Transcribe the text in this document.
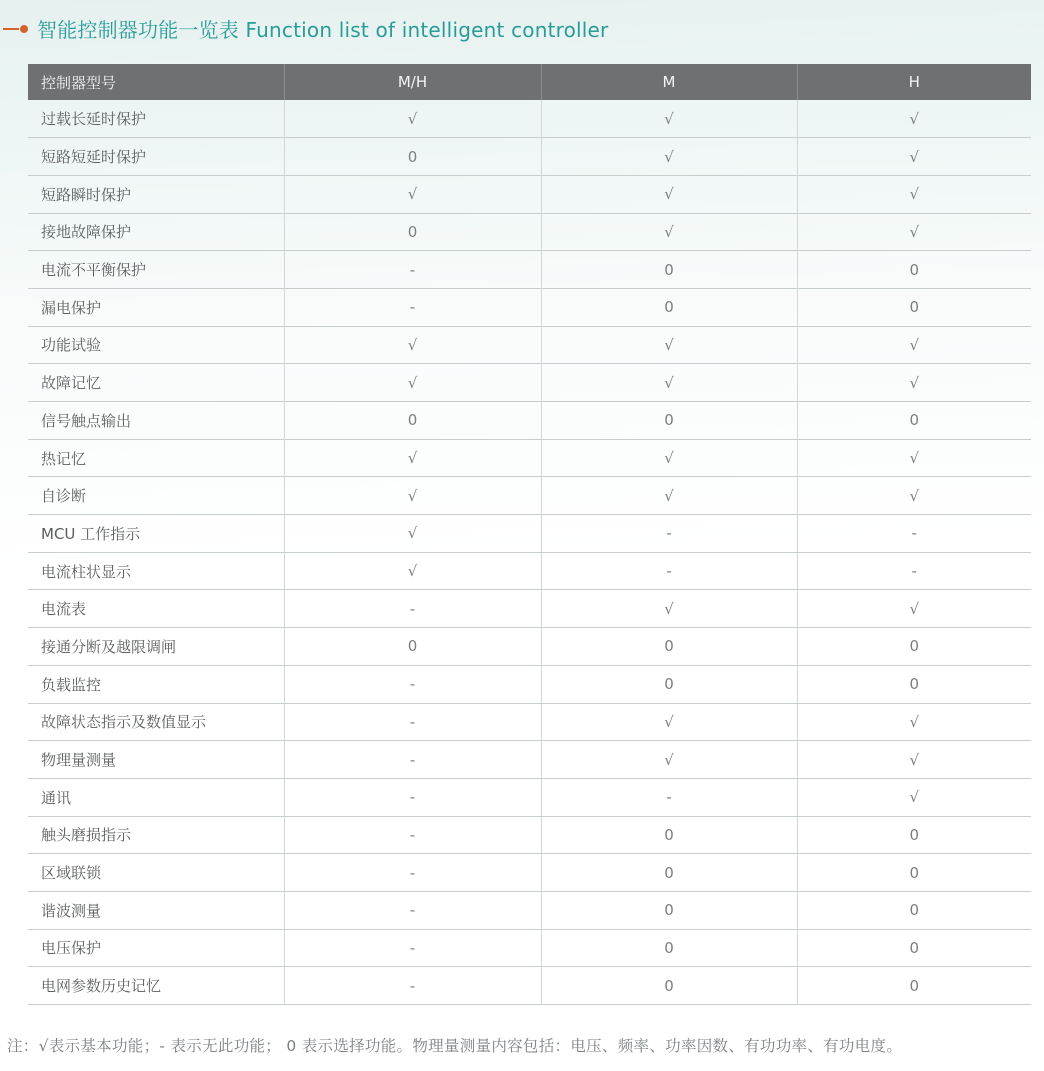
智能控制器功能一览表 Function list of intelligent controller
控制器型号	M/H	M	H
过载长延时保护	√	√	√
短路短延时保护	0	√	√
短路瞬时保护	√	√	√
接地故障保护	0	√	√
电流不平衡保护	-	0	0
漏电保护	-	0	0
功能试验	√	√	√
故障记忆	√	√	√
信号触点输出	0	0	0
热记忆	√	√	√
自诊断	√	√	√
MCU 工作指示	√	-	-
电流柱状显示	√	-	-
电流表	-	√	√
接通分断及越限调闸	0	0	0
负载监控	-	0	0
故障状态指示及数值显示	-	√	√
物理量测量	-	√	√
通讯	-	-	√
触头磨损指示	-	0	0
区域联锁	-	0	0
谐波测量	-	0	0
电压保护	-	0	0
电网参数历史记忆	-	0	0
注：√表示基本功能；- 表示无此功能； 0 表示选择功能。物理量测量内容包括：电压、频率、功率因数、有功功率、有功电度。
